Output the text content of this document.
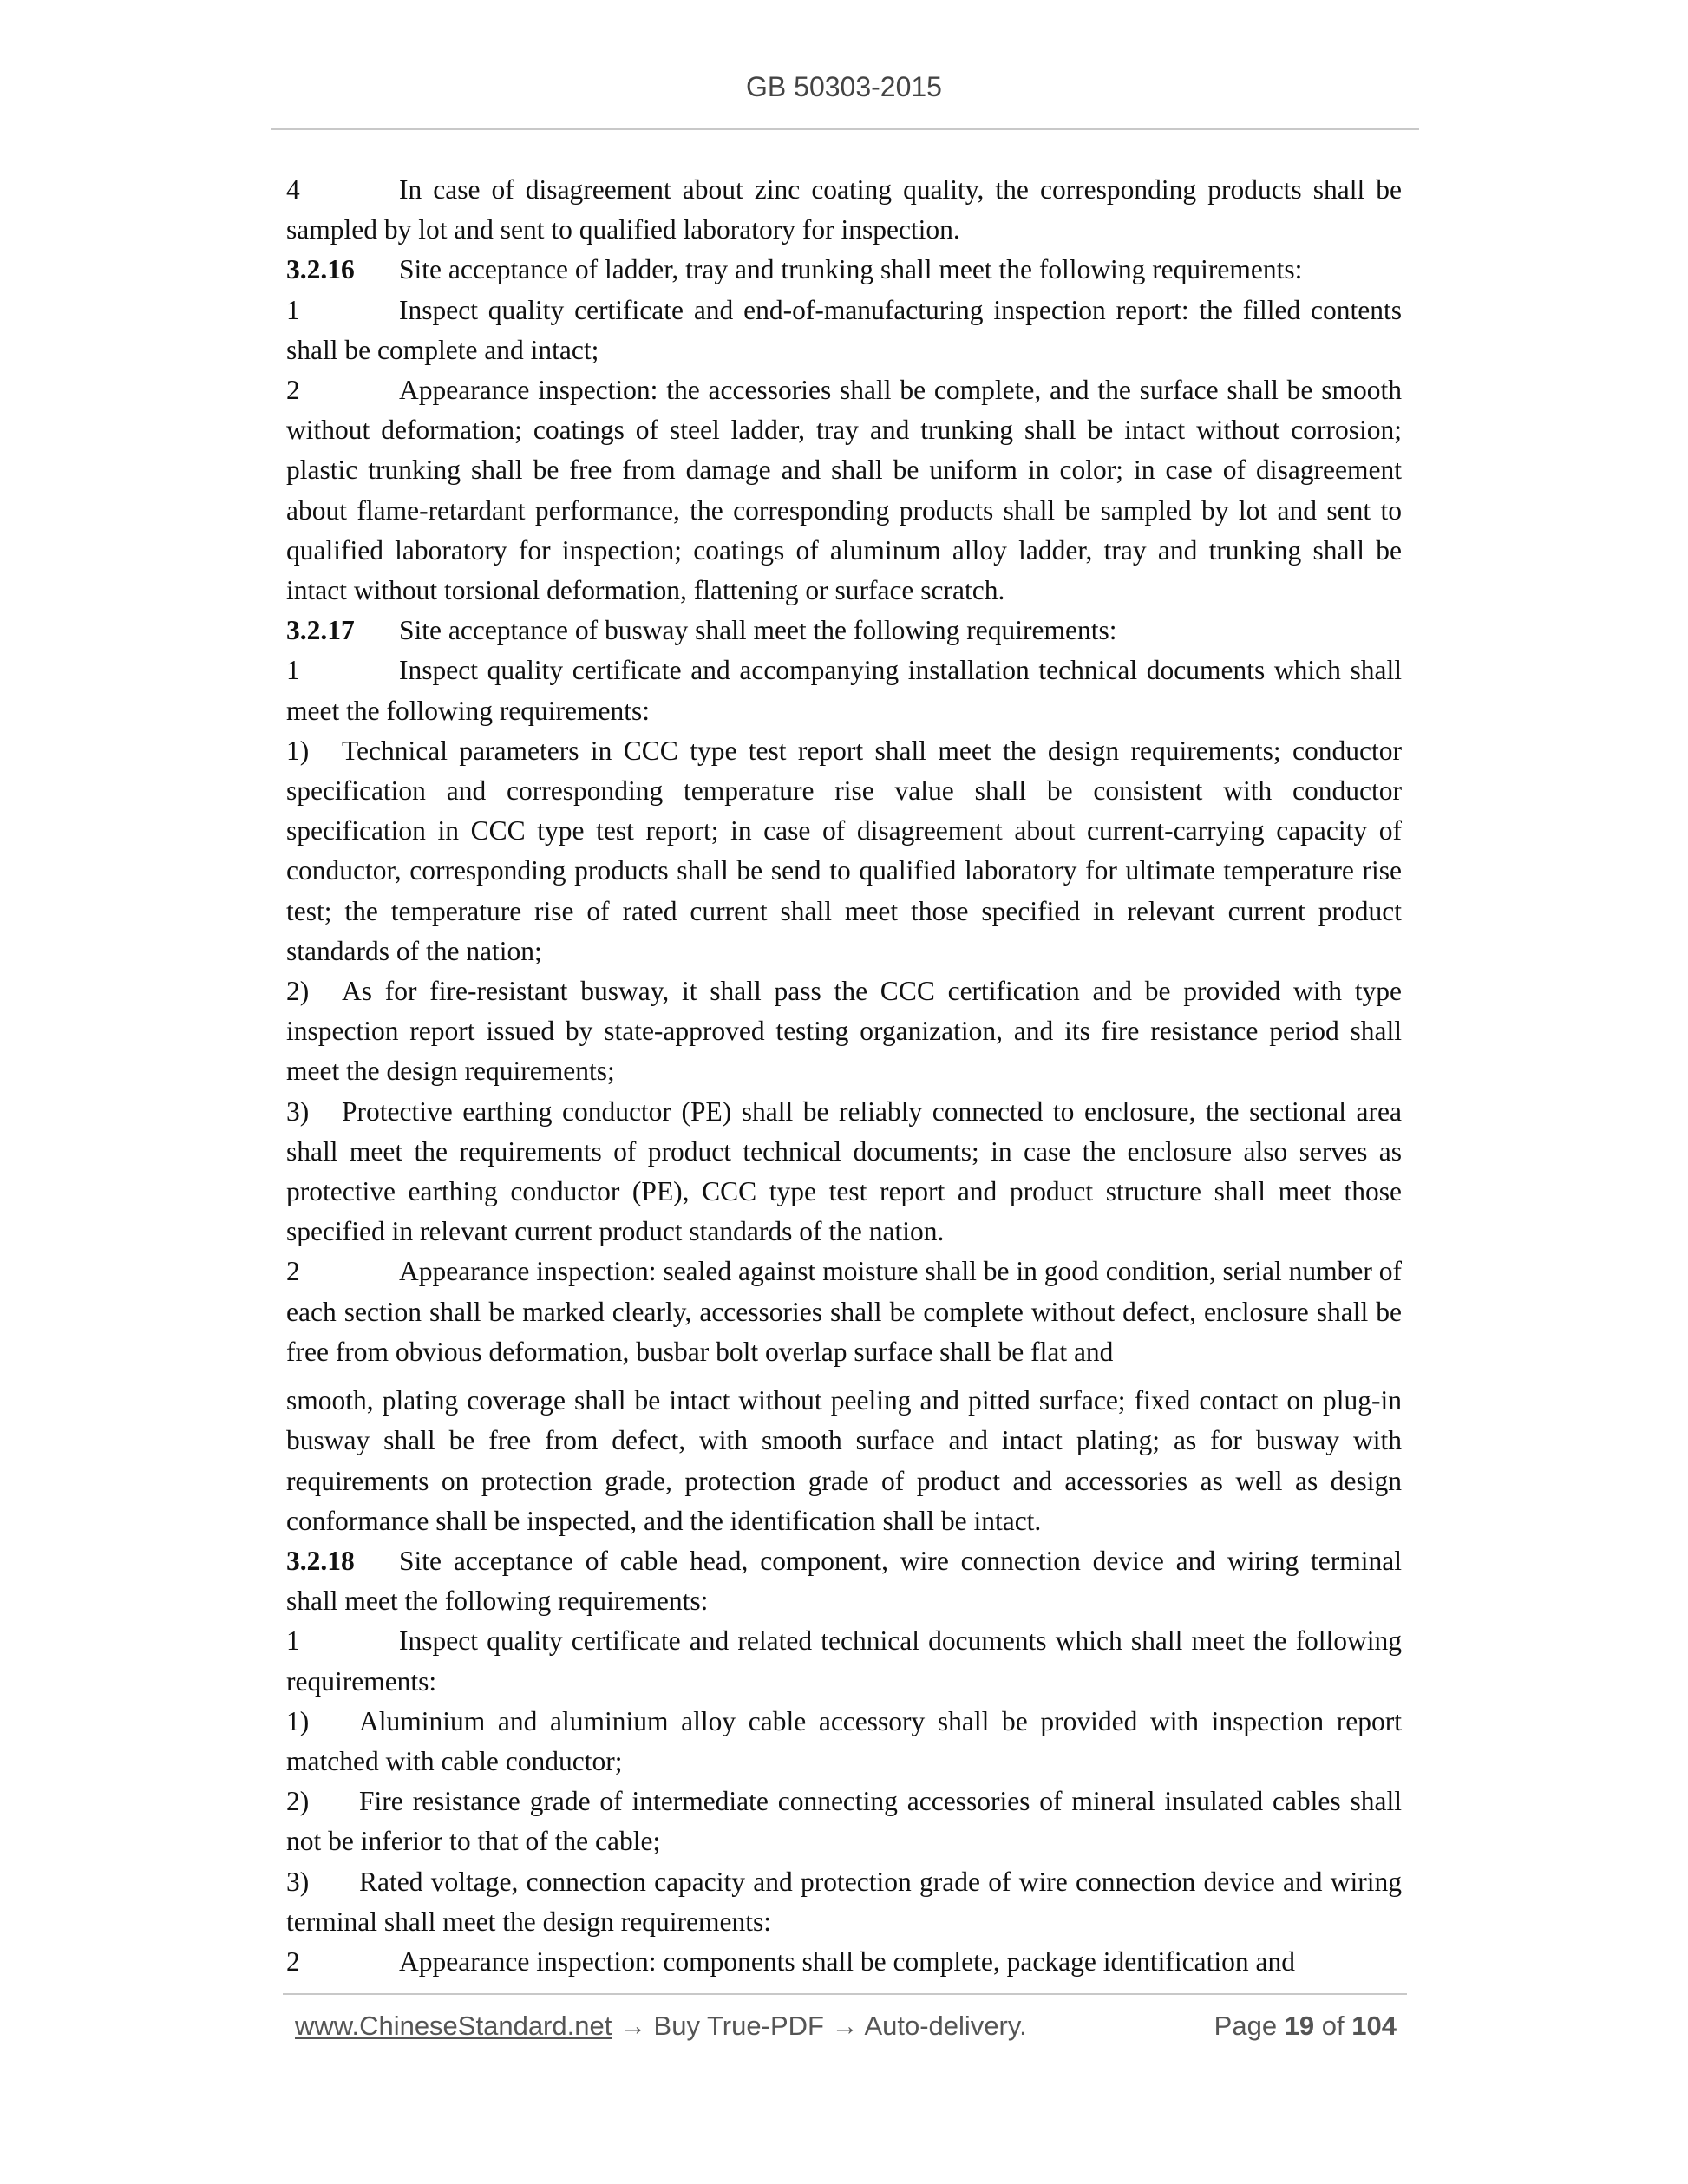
GB 50303-2015

4	In case of disagreement about zinc coating quality, the corresponding products shall be sampled by lot and sent to qualified laboratory for inspection.

3.2.16 Site acceptance of ladder, tray and trunking shall meet the following requirements:

1	Inspect quality certificate and end-of-manufacturing inspection report: the filled contents shall be complete and intact;

2	Appearance inspection: the accessories shall be complete, and the surface shall be smooth without deformation; coatings of steel ladder, tray and trunking shall be intact without corrosion; plastic trunking shall be free from damage and shall be uniform in color; in case of disagreement about flame-retardant performance, the corresponding products shall be sampled by lot and sent to qualified laboratory for inspection; coatings of aluminum alloy ladder, tray and trunking shall be intact without torsional deformation, flattening or surface scratch.

3.2.17 Site acceptance of busway shall meet the following requirements:

1	Inspect quality certificate and accompanying installation technical documents which shall meet the following requirements:

1) Technical parameters in CCC type test report shall meet the design requirements; conductor specification and corresponding temperature rise value shall be consistent with conductor specification in CCC type test report; in case of disagreement about current-carrying capacity of conductor, corresponding products shall be send to qualified laboratory for ultimate temperature rise test; the temperature rise of rated current shall meet those specified in relevant current product standards of the nation;

2) As for fire-resistant busway, it shall pass the CCC certification and be provided with type inspection report issued by state-approved testing organization, and its fire resistance period shall meet the design requirements;

3) Protective earthing conductor (PE) shall be reliably connected to enclosure, the sectional area shall meet the requirements of product technical documents; in case the enclosure also serves as protective earthing conductor (PE), CCC type test report and product structure shall meet those specified in relevant current product standards of the nation.

2	Appearance inspection: sealed against moisture shall be in good condition, serial number of each section shall be marked clearly, accessories shall be complete without defect, enclosure shall be free from obvious deformation, busbar bolt overlap surface shall be flat and

smooth, plating coverage shall be intact without peeling and pitted surface; fixed contact on plug-in busway shall be free from defect, with smooth surface and intact plating; as for busway with requirements on protection grade, protection grade of product and accessories as well as design conformance shall be inspected, and the identification shall be intact.

3.2.18 Site acceptance of cable head, component, wire connection device and wiring terminal shall meet the following requirements:

1	Inspect quality certificate and related technical documents which shall meet the following requirements:

1) Aluminium and aluminium alloy cable accessory shall be provided with inspection report matched with cable conductor;

2) Fire resistance grade of intermediate connecting accessories of mineral insulated cables shall not be inferior to that of the cable;

3) Rated voltage, connection capacity and protection grade of wire connection device and wiring terminal shall meet the design requirements:

2	Appearance inspection: components shall be complete, package identification and

www.ChineseStandard.net → Buy True-PDF → Auto-delivery.	Page 19 of 104
